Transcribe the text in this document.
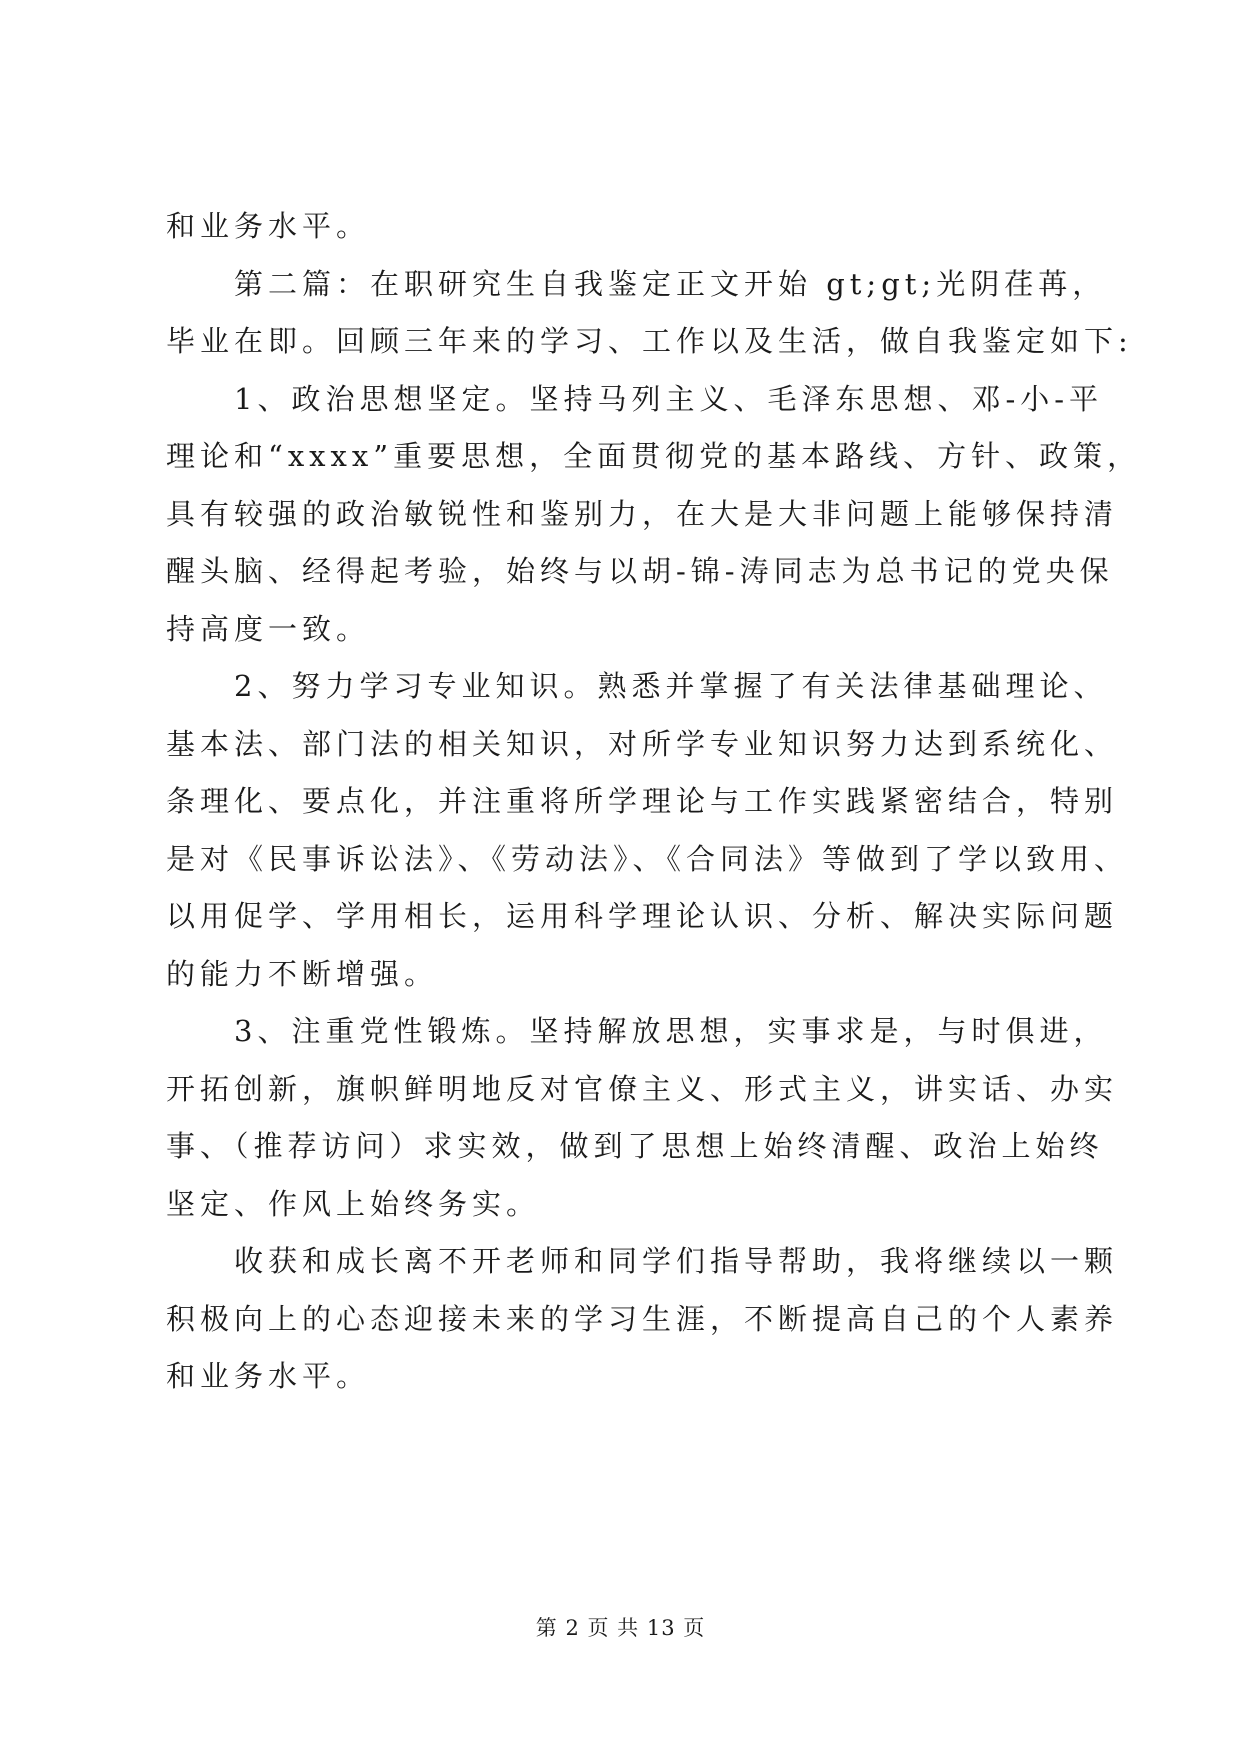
和业务水平。
第二篇：在职研究生自我鉴定正文开始 gt;gt;光阴荏苒，
毕业在即。回顾三年来的学习、工作以及生活，做自我鉴定如下:
1、政治思想坚定。坚持马列主义、毛泽东思想、邓-小-平
理论和“xxxx”重要思想，全面贯彻党的基本路线、方针、政策，
具有较强的政治敏锐性和鉴别力，在大是大非问题上能够保持清
醒头脑、经得起考验，始终与以胡-锦-涛同志为总书记的党央保
持高度一致。
2、努力学习专业知识。熟悉并掌握了有关法律基础理论、
基本法、部门法的相关知识，对所学专业知识努力达到系统化、
条理化、要点化，并注重将所学理论与工作实践紧密结合，特别
是对《民事诉讼法》、《劳动法》、《合同法》等做到了学以致用、
以用促学、学用相长，运用科学理论认识、分析、解决实际问题
的能力不断增强。
3、注重党性锻炼。坚持解放思想，实事求是，与时俱进，
开拓创新，旗帜鲜明地反对官僚主义、形式主义，讲实话、办实
事、（推荐访问）求实效，做到了思想上始终清醒、政治上始终
坚定、作风上始终务实。
收获和成长离不开老师和同学们指导帮助，我将继续以一颗
积极向上的心态迎接未来的学习生涯，不断提高自己的个人素养
和业务水平。
第 2 页 共 13 页
